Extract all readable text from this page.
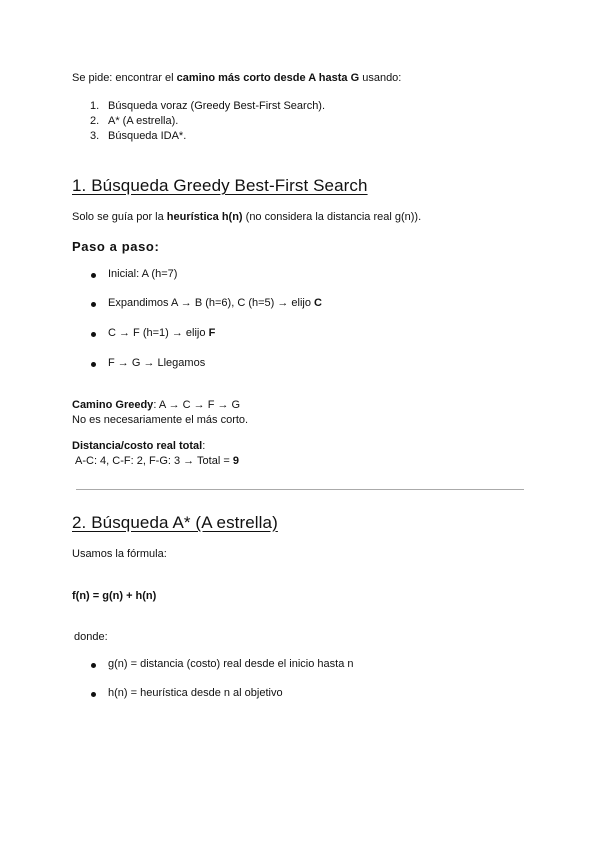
Se pide: encontrar el camino más corto desde A hasta G usando:
1. Búsqueda voraz (Greedy Best-First Search).
2. A* (A estrella).
3. Búsqueda IDA*.
1. Búsqueda Greedy Best-First Search
Solo se guía por la heurística h(n) (no considera la distancia real g(n)).
Paso a paso:
Inicial: A (h=7)
Expandimos A → B (h=6), C (h=5) → elijo C
C → F (h=1) → elijo F
F → G → Llegamos
Camino Greedy: A → C → F → G
No es necesariamente el más corto.
Distancia/costo real total:
A-C: 4, C-F: 2, F-G: 3 → Total = 9
2. Búsqueda A* (A estrella)
Usamos la fórmula:
f(n) = g(n) + h(n)
donde:
g(n) = distancia (costo) real desde el inicio hasta n
h(n) = heurística desde n al objetivo
